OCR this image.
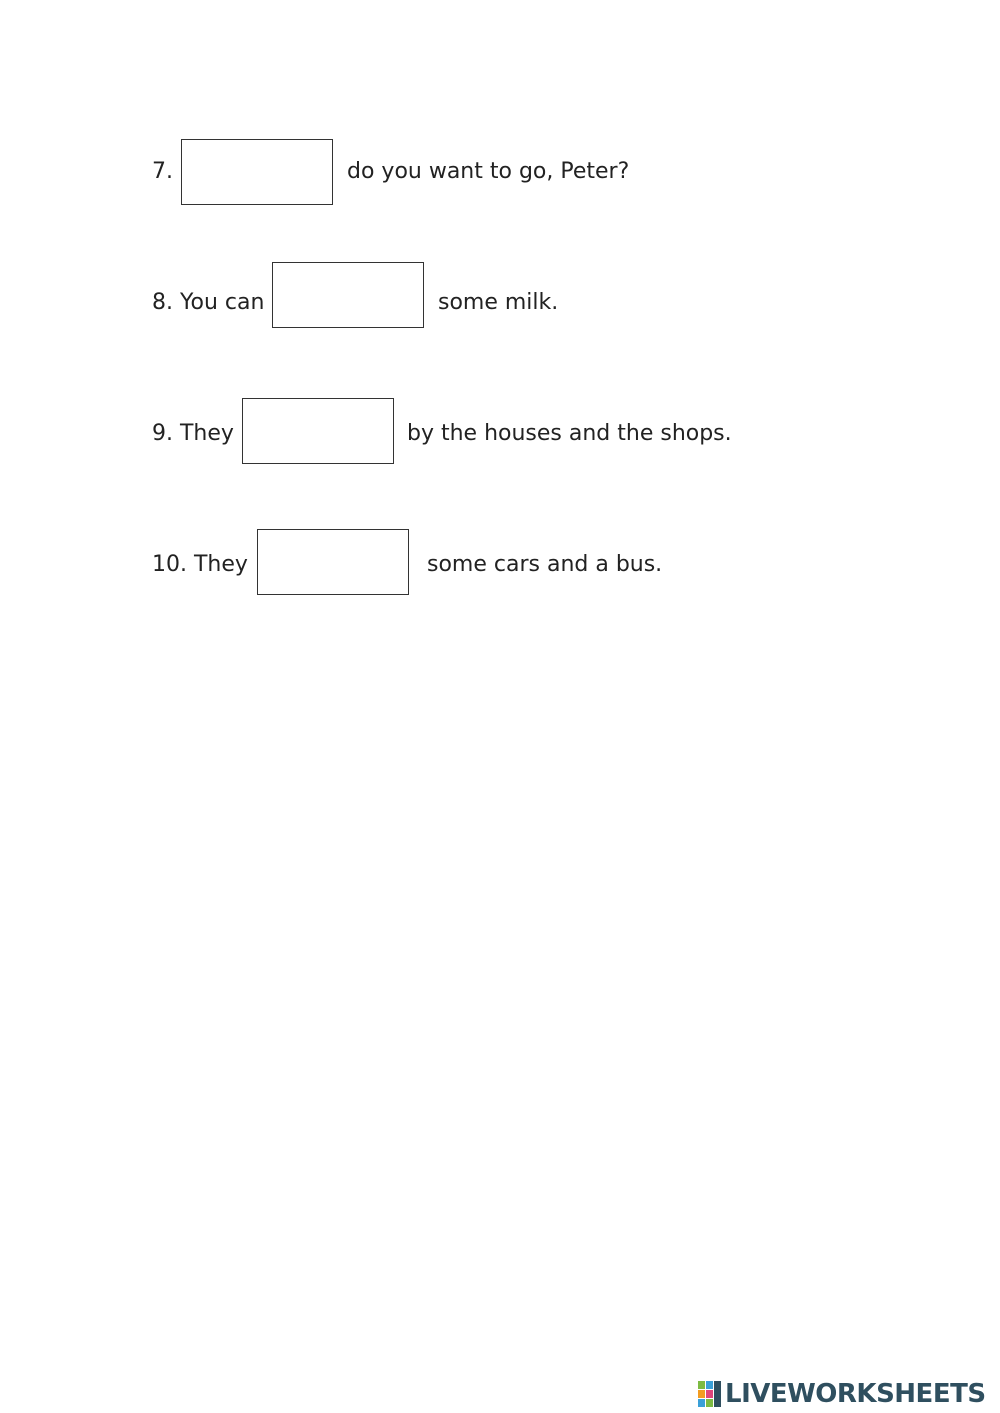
7.	do you want to go, Peter?
8. You can	some milk.
9. They	by the houses and the shops.
10. They	some cars and a bus.
LIVEWORKSHEETS
